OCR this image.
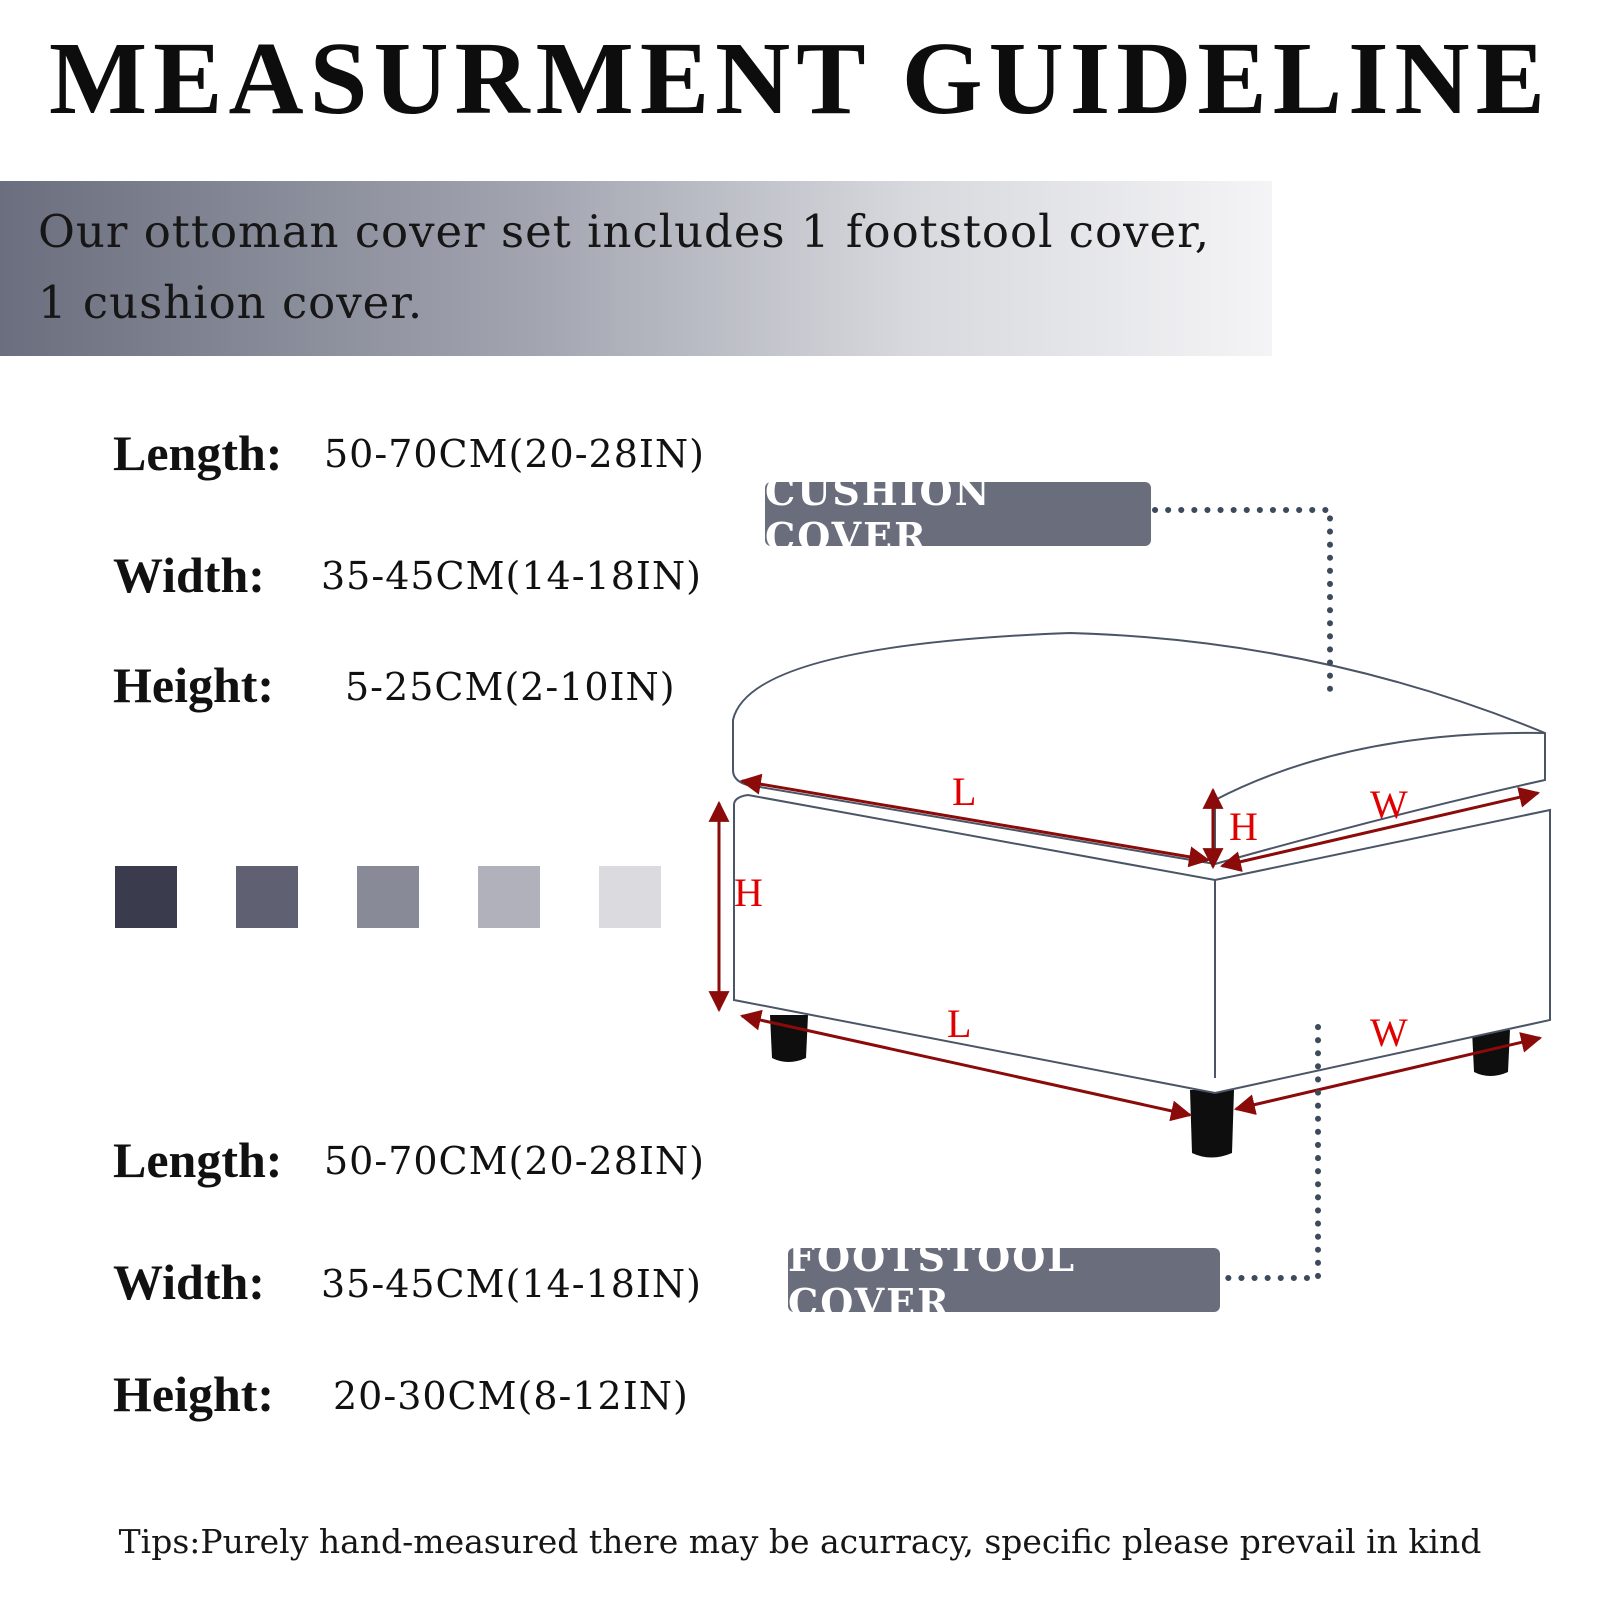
MEASURMENT GUIDELINE
Our ottoman cover set includes 1 footstool cover,
1 cushion cover.
Length: 50-70CM(20-28IN)
Width: 35-45CM(14-18IN)
Height: 5-25CM(2-10IN)
Length: 50-70CM(20-28IN)
Width: 35-45CM(14-18IN)
Height: 20-30CM(8-12IN)
L
H	W
H
L	W
CUSHION COVER
FOOTSTOOL COVER
Tips:Purely hand-measured there may be acurracy, specific please prevail in kind
